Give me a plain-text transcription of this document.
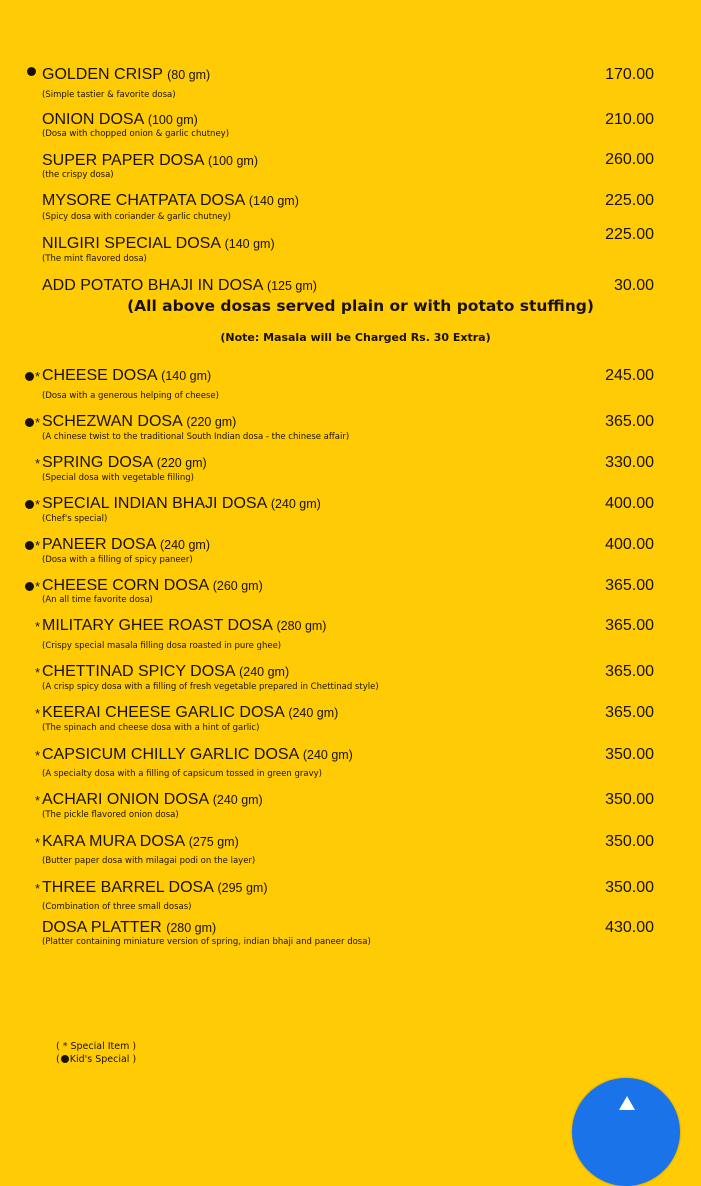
GOLDEN CRISP (80 gm)
(Simple tastier & favorite dosa)
170.00
ONION DOSA (100 gm)
(Dosa with chopped onion & garlic chutney)
210.00
SUPER PAPER DOSA (100 gm)
(the crispy dosa)
260.00
MYSORE CHATPATA DOSA (140 gm)
(Spicy dosa with coriander & garlic chutney)
225.00
NILGIRI SPECIAL DOSA (140 gm)
(The mint flavored dosa)
225.00
ADD POTATO BHAJI IN DOSA (125 gm)	30.00
* CHEESE DOSA (140 gm)
(Dosa with a generous helping of cheese)
245.00
* SCHEZWAN DOSA (220 gm)
(A chinese twist to the traditional South Indian dosa - the chinese affair)
365.00
* SPRING DOSA (220 gm)
(Special dosa with vegetable filling)
330.00
* SPECIAL INDIAN BHAJI DOSA (240 gm)
(Chef's special)
400.00
* PANEER DOSA (240 gm)
(Dosa with a filling of spicy paneer)
400.00
* CHEESE CORN DOSA (260 gm)
(An all time favorite dosa)
365.00
* MILITARY GHEE ROAST DOSA (280 gm)
(Crispy special masala filling dosa roasted in pure ghee)
365.00
* CHETTINAD SPICY DOSA (240 gm)
(A crisp spicy dosa with a filling of fresh vegetable prepared in Chettinad style)
365.00
* KEERAI CHEESE GARLIC DOSA (240 gm)
(The spinach and cheese dosa with a hint of garlic)
365.00
* CAPSICUM CHILLY GARLIC DOSA (240 gm)
(A specialty dosa with a filling of capsicum tossed in green gravy)
350.00
* ACHARI ONION DOSA (240 gm)
(The pickle flavored onion dosa)
350.00
* KARA MURA DOSA (275 gm)
(Butter paper dosa with milagai podi on the layer)
350.00
* THREE BARREL DOSA (295 gm)
(Combination of three small dosas)
350.00
DOSA PLATTER (280 gm)
(Platter containing miniature version of spring, indian bhaji and paneer dosa)
430.00
(All above dosas served plain or with potato stuffing)
(Note: Masala will be Charged Rs. 30 Extra)
( * Special Item )
( Kid's Special )
